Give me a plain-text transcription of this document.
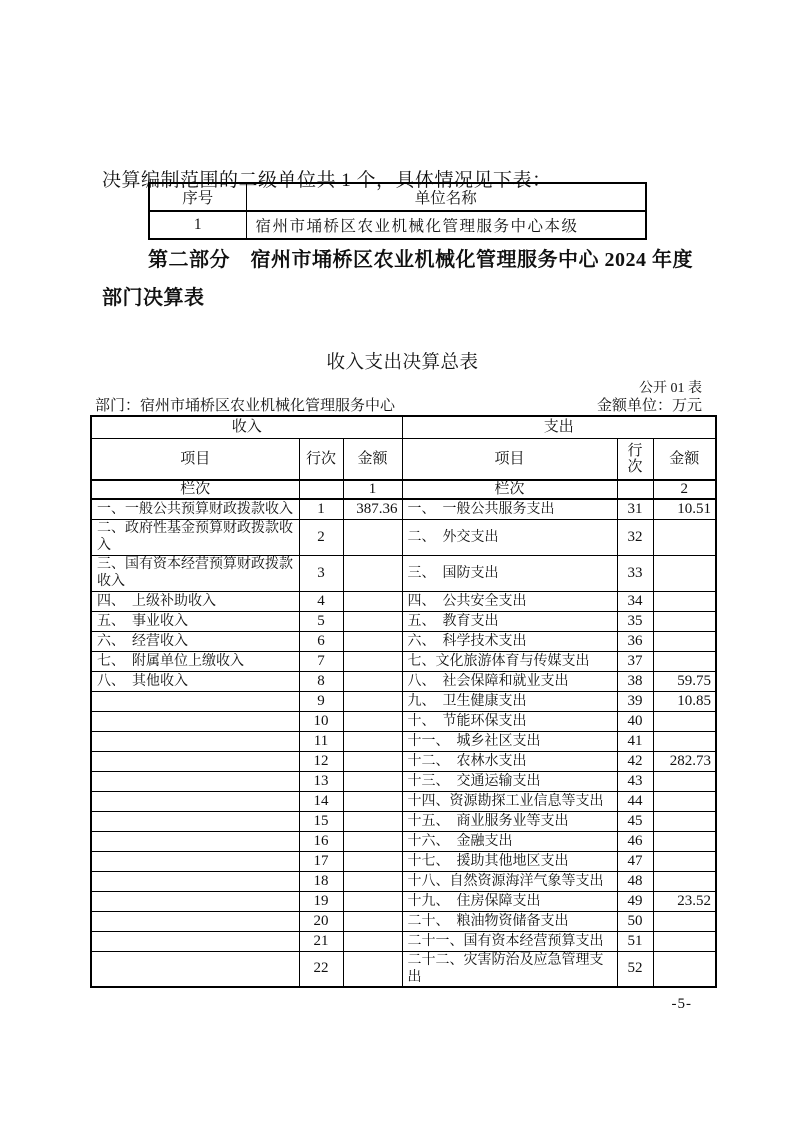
决算编制范围的二级单位共 1 个，具体情况见下表：

序号	单位名称
1	宿州市埇桥区农业机械化管理服务中心本级
第二部分　宿州市埇桥区农业机械化管理服务中心 2024 年度
部门决算表
收入支出决算总表
公开 01 表
部门：宿州市埇桥区农业机械化管理服务中心	金额单位：万元
收入			支出		
项目	行次	金额	项目	行次	金额
栏次		1	栏次		2
一、一般公共预算财政拨款收入	1	387.36	一、　一般公共服务支出	31	10.51
二、政府性基金预算财政拨款收入	2		二、　外交支出	32	
三、国有资本经营预算财政拨款收入	3		三、　国防支出	33	
四、　上级补助收入	4		四、　公共安全支出	34	
五、　事业收入	5		五、　教育支出	35	
六、　经营收入	6		六、　科学技术支出	36	
七、　附属单位上缴收入	7		七、文化旅游体育与传媒支出	37	
八、　其他收入	8		八、　社会保障和就业支出	38	59.75
	9		九、　卫生健康支出	39	10.85
	10		十、　节能环保支出	40	
	11		十一、　城乡社区支出	41	
	12		十二、　农林水支出	42	282.73
	13		十三、　交通运输支出	43	
	14		十四、资源勘探工业信息等支出	44	
	15		十五、　商业服务业等支出	45	
	16		十六、　金融支出	46	
	17		十七、　援助其他地区支出	47	
	18		十八、自然资源海洋气象等支出	48	
	19		十九、　住房保障支出	49	23.52
	20		二十、　粮油物资储备支出	50	
	21		二十一、国有资本经营预算支出	51	
	22		二十二、灾害防治及应急管理支出	52	
-5-
